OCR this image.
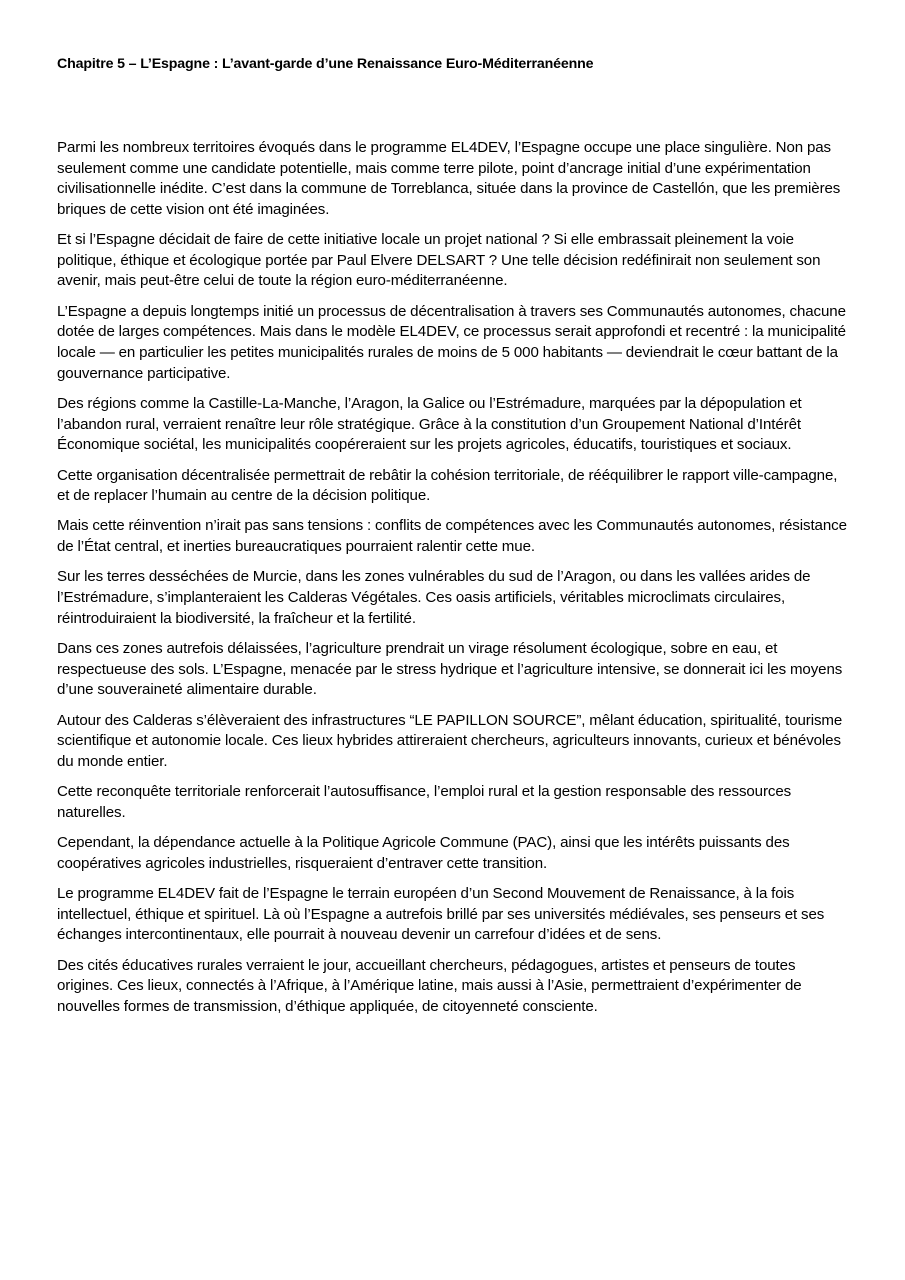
Chapitre 5 – L’Espagne : L’avant-garde d’une Renaissance Euro-Méditerranéenne

Parmi les nombreux territoires évoqués dans le programme EL4DEV, l’Espagne occupe une place singulière. Non pas seulement comme une candidate potentielle, mais comme terre pilote, point d’ancrage initial d’une expérimentation civilisationnelle inédite. C’est dans la commune de Torreblanca, située dans la province de Castellón, que les premières briques de cette vision ont été imaginées.

Et si l’Espagne décidait de faire de cette initiative locale un projet national ? Si elle embrassait pleinement la voie politique, éthique et écologique portée par Paul Elvere DELSART ? Une telle décision redéfinirait non seulement son avenir, mais peut-être celui de toute la région euro-méditerranéenne.

L’Espagne a depuis longtemps initié un processus de décentralisation à travers ses Communautés autonomes, chacune dotée de larges compétences. Mais dans le modèle EL4DEV, ce processus serait approfondi et recentré : la municipalité locale — en particulier les petites municipalités rurales de moins de 5 000 habitants — deviendrait le cœur battant de la gouvernance participative.

Des régions comme la Castille-La-Manche, l’Aragon, la Galice ou l’Estrémadure, marquées par la dépopulation et l’abandon rural, verraient renaître leur rôle stratégique. Grâce à la constitution d’un Groupement National d’Intérêt Économique sociétal, les municipalités coopéreraient sur les projets agricoles, éducatifs, touristiques et sociaux.

Cette organisation décentralisée permettrait de rebâtir la cohésion territoriale, de rééquilibrer le rapport ville-campagne, et de replacer l’humain au centre de la décision politique.

Mais cette réinvention n’irait pas sans tensions : conflits de compétences avec les Communautés autonomes, résistance de l’État central, et inerties bureaucratiques pourraient ralentir cette mue.

Sur les terres desséchées de Murcie, dans les zones vulnérables du sud de l’Aragon, ou dans les vallées arides de l’Estrémadure, s’implanteraient les Calderas Végétales. Ces oasis artificiels, véritables microclimats circulaires, réintroduiraient la biodiversité, la fraîcheur et la fertilité.

Dans ces zones autrefois délaissées, l’agriculture prendrait un virage résolument écologique, sobre en eau, et respectueuse des sols. L’Espagne, menacée par le stress hydrique et l’agriculture intensive, se donnerait ici les moyens d’une souveraineté alimentaire durable.

Autour des Calderas s’élèveraient des infrastructures “LE PAPILLON SOURCE”, mêlant éducation, spiritualité, tourisme scientifique et autonomie locale. Ces lieux hybrides attireraient chercheurs, agriculteurs innovants, curieux et bénévoles du monde entier.

Cette reconquête territoriale renforcerait l’autosuffisance, l’emploi rural et la gestion responsable des ressources naturelles.

Cependant, la dépendance actuelle à la Politique Agricole Commune (PAC), ainsi que les intérêts puissants des coopératives agricoles industrielles, risqueraient d’entraver cette transition.

Le programme EL4DEV fait de l’Espagne le terrain européen d’un Second Mouvement de Renaissance, à la fois intellectuel, éthique et spirituel. Là où l’Espagne a autrefois brillé par ses universités médiévales, ses penseurs et ses échanges intercontinentaux, elle pourrait à nouveau devenir un carrefour d’idées et de sens.

Des cités éducatives rurales verraient le jour, accueillant chercheurs, pédagogues, artistes et penseurs de toutes origines. Ces lieux, connectés à l’Afrique, à l’Amérique latine, mais aussi à l’Asie, permettraient d’expérimenter de nouvelles formes de transmission, d’éthique appliquée, de citoyenneté consciente.
